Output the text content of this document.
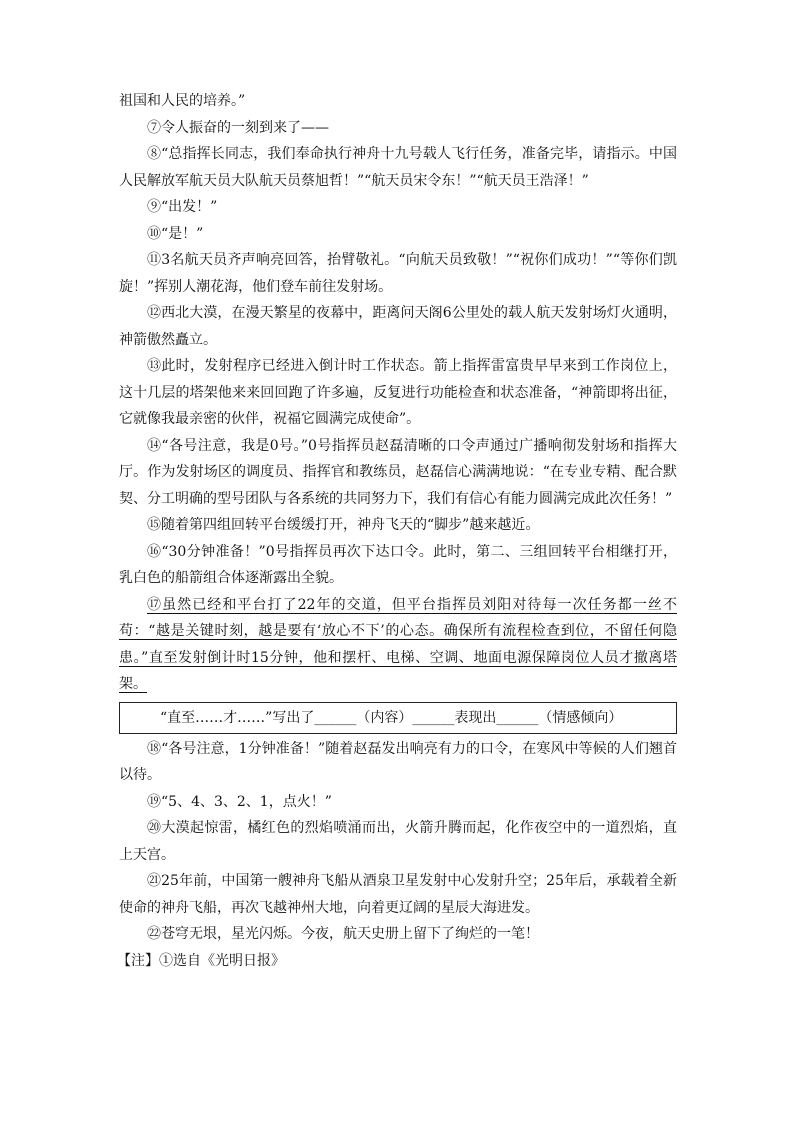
祖国和人民的培养。”

⑦令人振奋的一刻到来了——

⑧“总指挥长同志，我们奉命执行神舟十九号载人飞行任务，准备完毕，请指示。中国人民解放军航天员大队航天员蔡旭哲！”“航天员宋令东！”“航天员王浩泽！”

⑨“出发！”

⑩“是！”

⑪3名航天员齐声响亮回答，抬臂敬礼。“向航天员致敬！”“祝你们成功！”“等你们凯旋！”挥别人潮花海，他们登车前往发射场。

⑫西北大漠，在漫天繁星的夜幕中，距离问天阁6公里处的载人航天发射场灯火通明，神箭傲然矗立。

⑬此时，发射程序已经进入倒计时工作状态。箭上指挥雷富贵早早来到工作岗位上，这十几层的塔架他来来回回跑了许多遍，反复进行功能检查和状态准备，“神箭即将出征，它就像我最亲密的伙伴，祝福它圆满完成使命”。

⑭“各号注意，我是0号。”0号指挥员赵磊清晰的口令声通过广播响彻发射场和指挥大厅。作为发射场区的调度员、指挥官和教练员，赵磊信心满满地说：“在专业专精、配合默契、分工明确的型号团队与各系统的共同努力下，我们有信心有能力圆满完成此次任务！”

⑮随着第四组回转平台缓缓打开，神舟飞天的“脚步”越来越近。

⑯“30分钟准备！”0号指挥员再次下达口令。此时，第二、三组回转平台相继打开，乳白色的船箭组合体逐渐露出全貌。

⑰虽然已经和平台打了22年的交道，但平台指挥员刘阳对待每一次任务都一丝不苟：“越是关键时刻，越是要有‘放心不下’的心态。确保所有流程检查到位，不留任何隐患。”直至发射倒计时15分钟，他和摆杆、电梯、空调、地面电源保障岗位人员才撤离塔架。

“直至……才……”写出了______（内容）______表现出______（情感倾向）

⑱“各号注意，1分钟准备！”随着赵磊发出响亮有力的口令，在寒风中等候的人们翘首以待。

⑲“5、4、3、2、1，点火！”

⑳大漠起惊雷，橘红色的烈焰喷涌而出，火箭升腾而起，化作夜空中的一道烈焰，直上天宫。

㉑25年前，中国第一艘神舟飞船从酒泉卫星发射中心发射升空；25年后，承载着全新使命的神舟飞船，再次飞越神州大地，向着更辽阔的星辰大海进发。

㉒苍穹无垠，星光闪烁。今夜，航天史册上留下了绚烂的一笔！

【注】①选自《光明日报》
